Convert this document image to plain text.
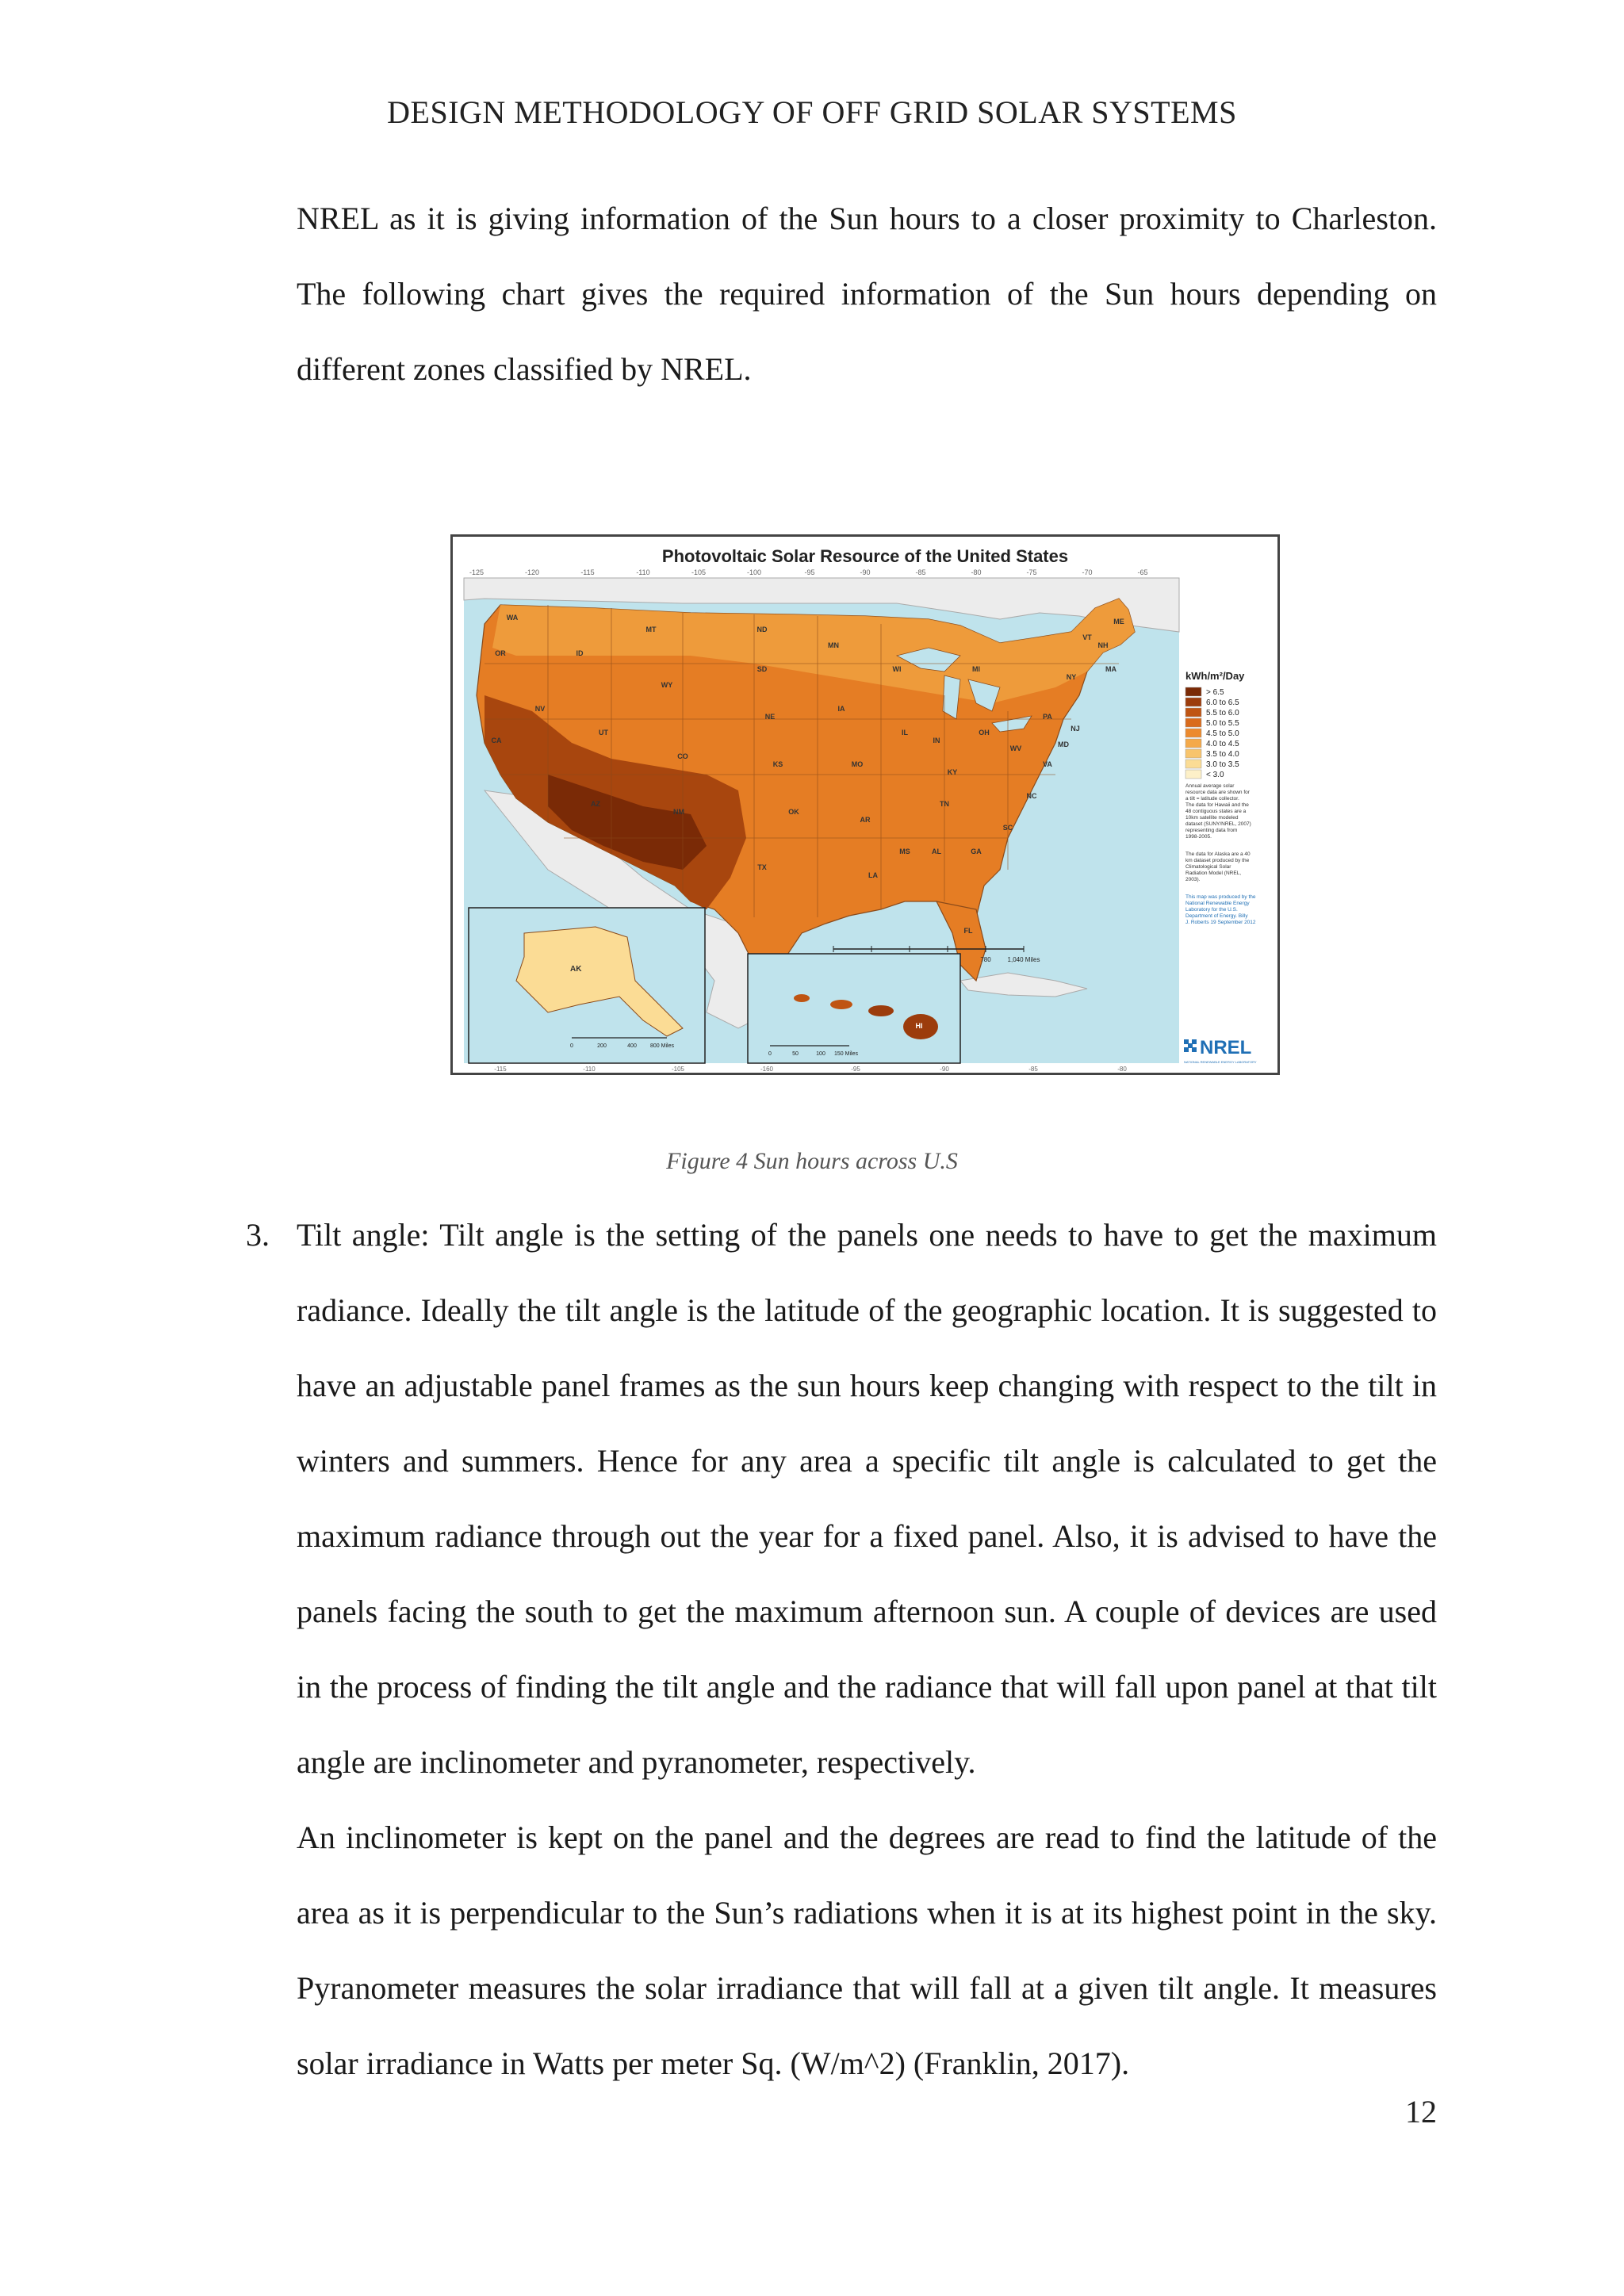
DESIGN METHODOLOGY OF OFF GRID SOLAR SYSTEMS

NREL as it is giving information of the Sun hours to a closer proximity to Charleston. The following chart gives the required information of the Sun hours depending on different zones classified by NREL.

Photovoltaic Solar Resource of the United States
-125	-120	-115	-110	-105	-100	-95	-90	-85	-80	-75	-70	-65
WA
OR
CA
NV
ID
MT
WY
UT
AZ
CO
NM
ND
SD
NE
KS
OK
TX
MN
IA
MO
AR
LA
WI
IL
MS
MI
IN
KY
TN
AL
OH
GA
FL
SC
NC
VA
WV
PA
NY
VT
NH
ME
MA
NJ
MD
780	1,040 Miles
AK
0	200	400 800 Miles
HI
0	50	100 150 Miles
-115	-110	-105	-160	-95	-90	-85	-80
kWh/m²/Day
> 6.5
6.0 to 6.5
5.5 to 6.0
5.0 to 5.5
4.5 to 5.0
4.0 to 4.5
3.5 to 4.0
3.0 to 3.5
< 3.0
Annual average solar resource data are shown for a tilt = latitude collector. The data for Hawaii and the 48 contiguous states are a 10km satellite modeled dataset (SUNY/NREL, 2007) representing data from 1998-2005.
The data for Alaska are a 40 km dataset produced by the Climatological Solar Radiation Model (NREL, 2003).
This map was produced by the National Renewable Energy Laboratory for the U.S. Department of Energy. Billy J. Roberts 19 September 2012
NREL
NATIONAL RENEWABLE ENERGY LABORATORY
Figure 4 Sun hours across U.S
3. Tilt angle: Tilt angle is the setting of the panels one needs to have to get the maximum radiance. Ideally the tilt angle is the latitude of the geographic location. It is suggested to have an adjustable panel frames as the sun hours keep changing with respect to the tilt in winters and summers. Hence for any area a specific tilt angle is calculated to get the maximum radiance through out the year for a fixed panel. Also, it is advised to have the panels facing the south to get the maximum afternoon sun. A couple of devices are used in the process of finding the tilt angle and the radiance that will fall upon panel at that tilt angle are inclinometer and pyranometer, respectively.

An inclinometer is kept on the panel and the degrees are read to find the latitude of the area as it is perpendicular to the Sun’s radiations when it is at its highest point in the sky. Pyranometer measures the solar irradiance that will fall at a given tilt angle. It measures solar irradiance in Watts per meter Sq. (W/m^2) (Franklin, 2017).

12
